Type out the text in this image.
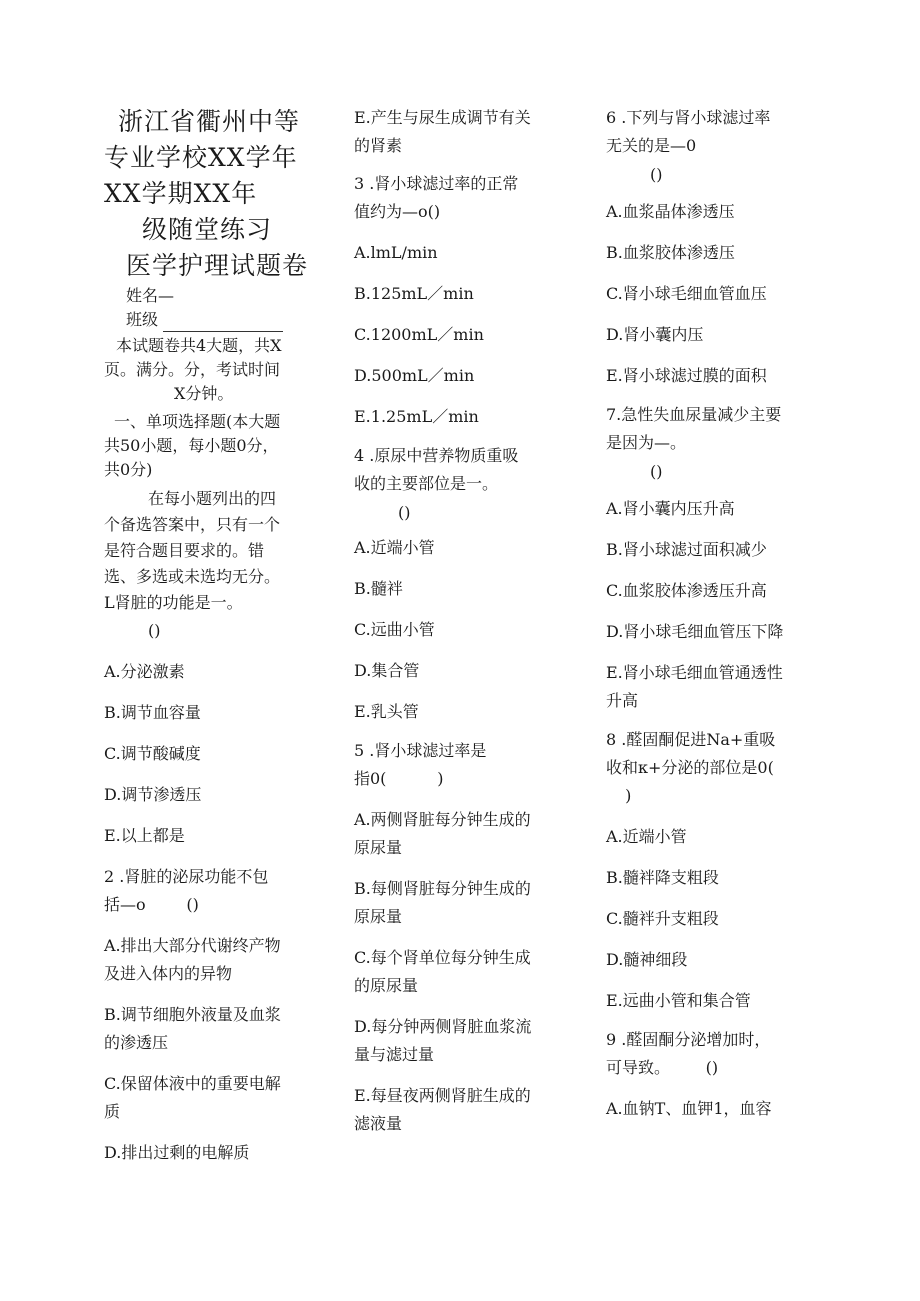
浙江省衢州中等
专业学校XX学年
XX学期XX年
级随堂练习
医学护理试题卷
姓名—
班级
本试题卷共4大题，共X
页。满分。分，考试时间
X分钟。
一、单项选择题(本大题
共50小题，每小题0分，
共0分)
在每小题列出的四
个备选答案中，只有一个
是符合题目要求的。错
选、多选或未选均无分。
L肾脏的功能是一。
()
A.分泌激素
B.调节血容量
C.调节酸碱度
D.调节渗透压
E.以上都是
2 .肾脏的泌尿功能不包
括—o        ()
A.排出大部分代谢终产物
及进入体内的异物
B.调节细胞外液量及血浆
的渗透压
C.保留体液中的重要电解
质
D.排出过剩的电解质
E.产生与尿生成调节有关
的肾素
3 .肾小球滤过率的正常
值约为—o()
A.lmL/min
B.125mL／min
C.1200mL／min
D.500mL／min
E.1.25mL／min
4 .原尿中营养物质重吸
收的主要部位是一。
()
A.近端小管
B.髓袢
C.远曲小管
D.集合管
E.乳头管
5 .肾小球滤过率是
指0(          )
A.两侧肾脏每分钟生成的
原尿量
B.每侧肾脏每分钟生成的
原尿量
C.每个肾单位每分钟生成
的原尿量
D.每分钟两侧肾脏血浆流
量与滤过量
E.每昼夜两侧肾脏生成的
滤液量
6 .下列与肾小球滤过率
无关的是—0
()
A.血浆晶体渗透压
B.血浆胶体渗透压
C.肾小球毛细血管血压
D.肾小囊内压
E.肾小球滤过膜的面积
7.急性失血尿量减少主要
是因为—。
()
A.肾小囊内压升高
B.肾小球滤过面积减少
C.血浆胶体渗透压升高
D.肾小球毛细血管压下降
E.肾小球毛细血管通透性
升高
8 .醛固酮促进Na+重吸
收和κ+分泌的部位是0(
)
A.近端小管
B.髓袢降支粗段
C.髓袢升支粗段
D.髓神细段
E.远曲小管和集合管
9 .醛固酮分泌增加时，
可导致。       ()
A.血钠T、血钾1，血容
